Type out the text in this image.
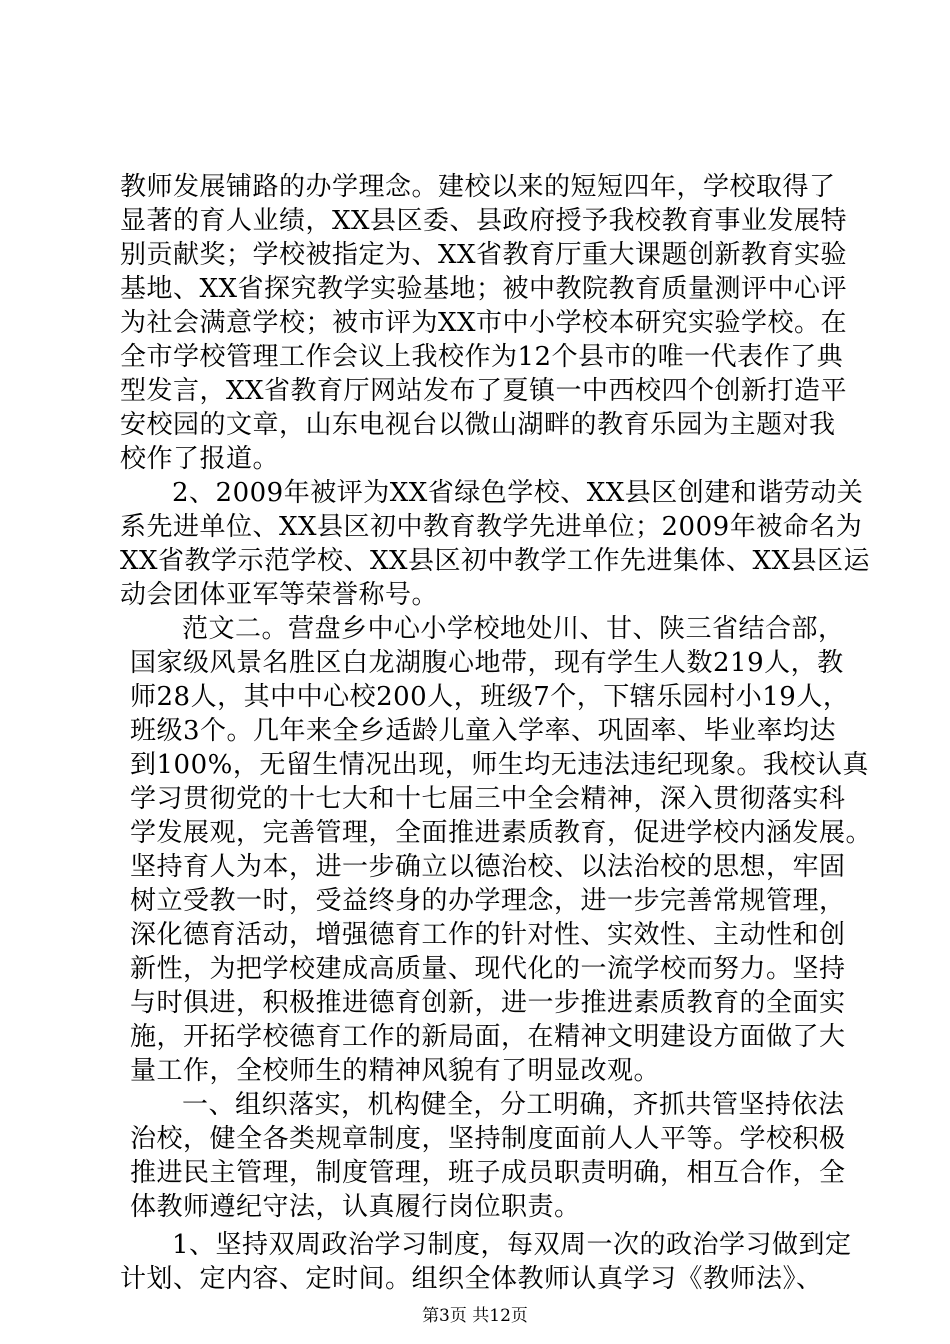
教师发展铺路的办学理念。建校以来的短短四年，学校取得了
显著的育人业绩，XX县区委、县政府授予我校教育事业发展特
别贡献奖；学校被指定为、XX省教育厅重大课题创新教育实验
基地、XX省探究教学实验基地；被中教院教育质量测评中心评
为社会满意学校；被市评为XX市中小学校本研究实验学校。在
全市学校管理工作会议上我校作为12个县市的唯一代表作了典
型发言，XX省教育厅网站发布了夏镇一中西校四个创新打造平
安校园的文章，山东电视台以微山湖畔的教育乐园为主题对我
校作了报道。
2、2009年被评为XX省绿色学校、XX县区创建和谐劳动关
系先进单位、XX县区初中教育教学先进单位；2009年被命名为
XX省教学示范学校、XX县区初中教学工作先进集体、XX县区运
动会团体亚军等荣誉称号。
范文二。营盘乡中心小学校地处川、甘、陕三省结合部，
国家级风景名胜区白龙湖腹心地带，现有学生人数219人，教
师28人，其中中心校200人，班级7个，下辖乐园村小19人，
班级3个。几年来全乡适龄儿童入学率、巩固率、毕业率均达
到100%，无留生情况出现，师生均无违法违纪现象。我校认真
学习贯彻党的十七大和十七届三中全会精神，深入贯彻落实科
学发展观，完善管理，全面推进素质教育，促进学校内涵发展。
坚持育人为本，进一步确立以德治校、以法治校的思想，牢固
树立受教一时，受益终身的办学理念，进一步完善常规管理，
深化德育活动，增强德育工作的针对性、实效性、主动性和创
新性，为把学校建成高质量、现代化的一流学校而努力。坚持
与时俱进，积极推进德育创新，进一步推进素质教育的全面实
施，开拓学校德育工作的新局面，在精神文明建设方面做了大
量工作，全校师生的精神风貌有了明显改观。
一、组织落实，机构健全，分工明确，齐抓共管坚持依法
治校，健全各类规章制度，坚持制度面前人人平等。学校积极
推进民主管理，制度管理，班子成员职责明确，相互合作，全
体教师遵纪守法，认真履行岗位职责。
1、坚持双周政治学习制度，每双周一次的政治学习做到定
计划、定内容、定时间。组织全体教师认真学习《教师法》、
第3页 共12页
